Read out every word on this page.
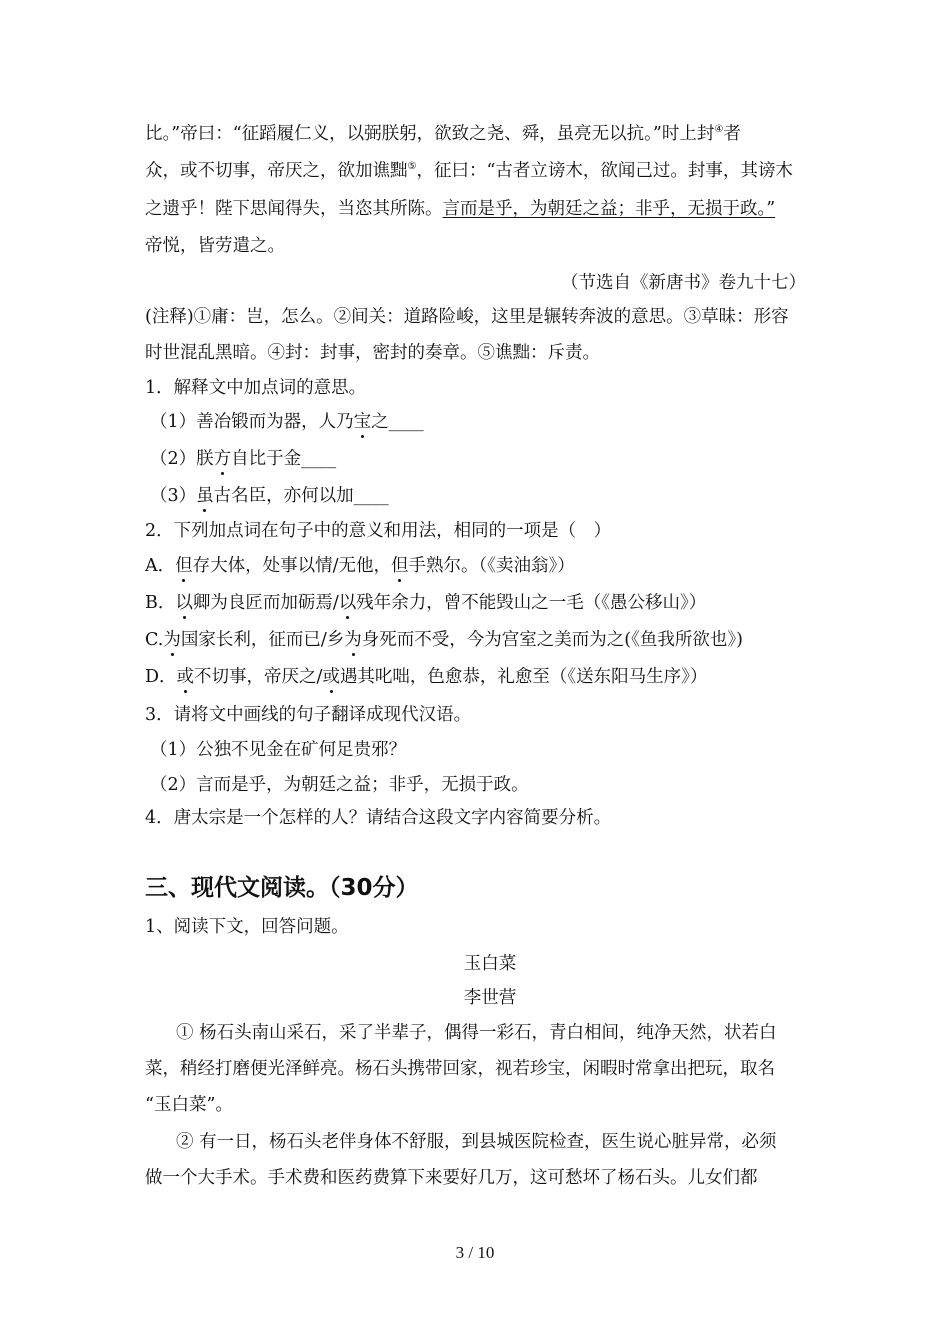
比。”帝曰：“征蹈履仁义，以弼朕躬，欲致之尧、舜，虽亮无以抗。”时上封④者
众，或不切事，帝厌之，欲加谯黜⑤，征曰：“古者立谤木，欲闻己过。封事，其谤木
之遗乎！陛下思闻得失，当恣其所陈。言而是乎，为朝廷之益；非乎，无损于政。”
帝悦，皆劳遣之。
（节选自《新唐书》卷九十七）
(注释)①庸：岂，怎么。②间关：道路险峻，这里是辗转奔波的意思。③草昧：形容
时世混乱黑暗。④封：封事，密封的奏章。⑤谯黜：斥责。
1．解释文中加点词的意思。
（1）善冶锻而为器，人乃宝之____
（2）朕方自比于金____
（3）虽古名臣，亦何以加____
2．下列加点词在句子中的意义和用法，相同的一项是（　）
A．但存大体，处事以情/无他，但手熟尔。（《卖油翁》）
B．以卿为良匠而加砺焉/以残年余力，曾不能毁山之一毛（《愚公移山》）
C.为国家长利，征而已/乡为身死而不受，今为宫室之美而为之(《鱼我所欲也》)
D．或不切事，帝厌之/或遇其叱咄，色愈恭，礼愈至（《送东阳马生序》）
3．请将文中画线的句子翻译成现代汉语。
（1）公独不见金在矿何足贵邪？
（2）言而是乎，为朝廷之益；非乎，无损于政。
4．唐太宗是一个怎样的人？请结合这段文字内容简要分析。
三、现代文阅读。（30分）
1、阅读下文，回答问题。
玉白菜
李世营
① 杨石头南山采石，采了半辈子，偶得一彩石，青白相间，纯净天然，状若白
菜，稍经打磨便光泽鲜亮。杨石头携带回家，视若珍宝，闲暇时常拿出把玩，取名
“玉白菜”。
② 有一日，杨石头老伴身体不舒服，到县城医院检查，医生说心脏异常，必须
做一个大手术。手术费和医药费算下来要好几万，这可愁坏了杨石头。儿女们都
3 / 10
